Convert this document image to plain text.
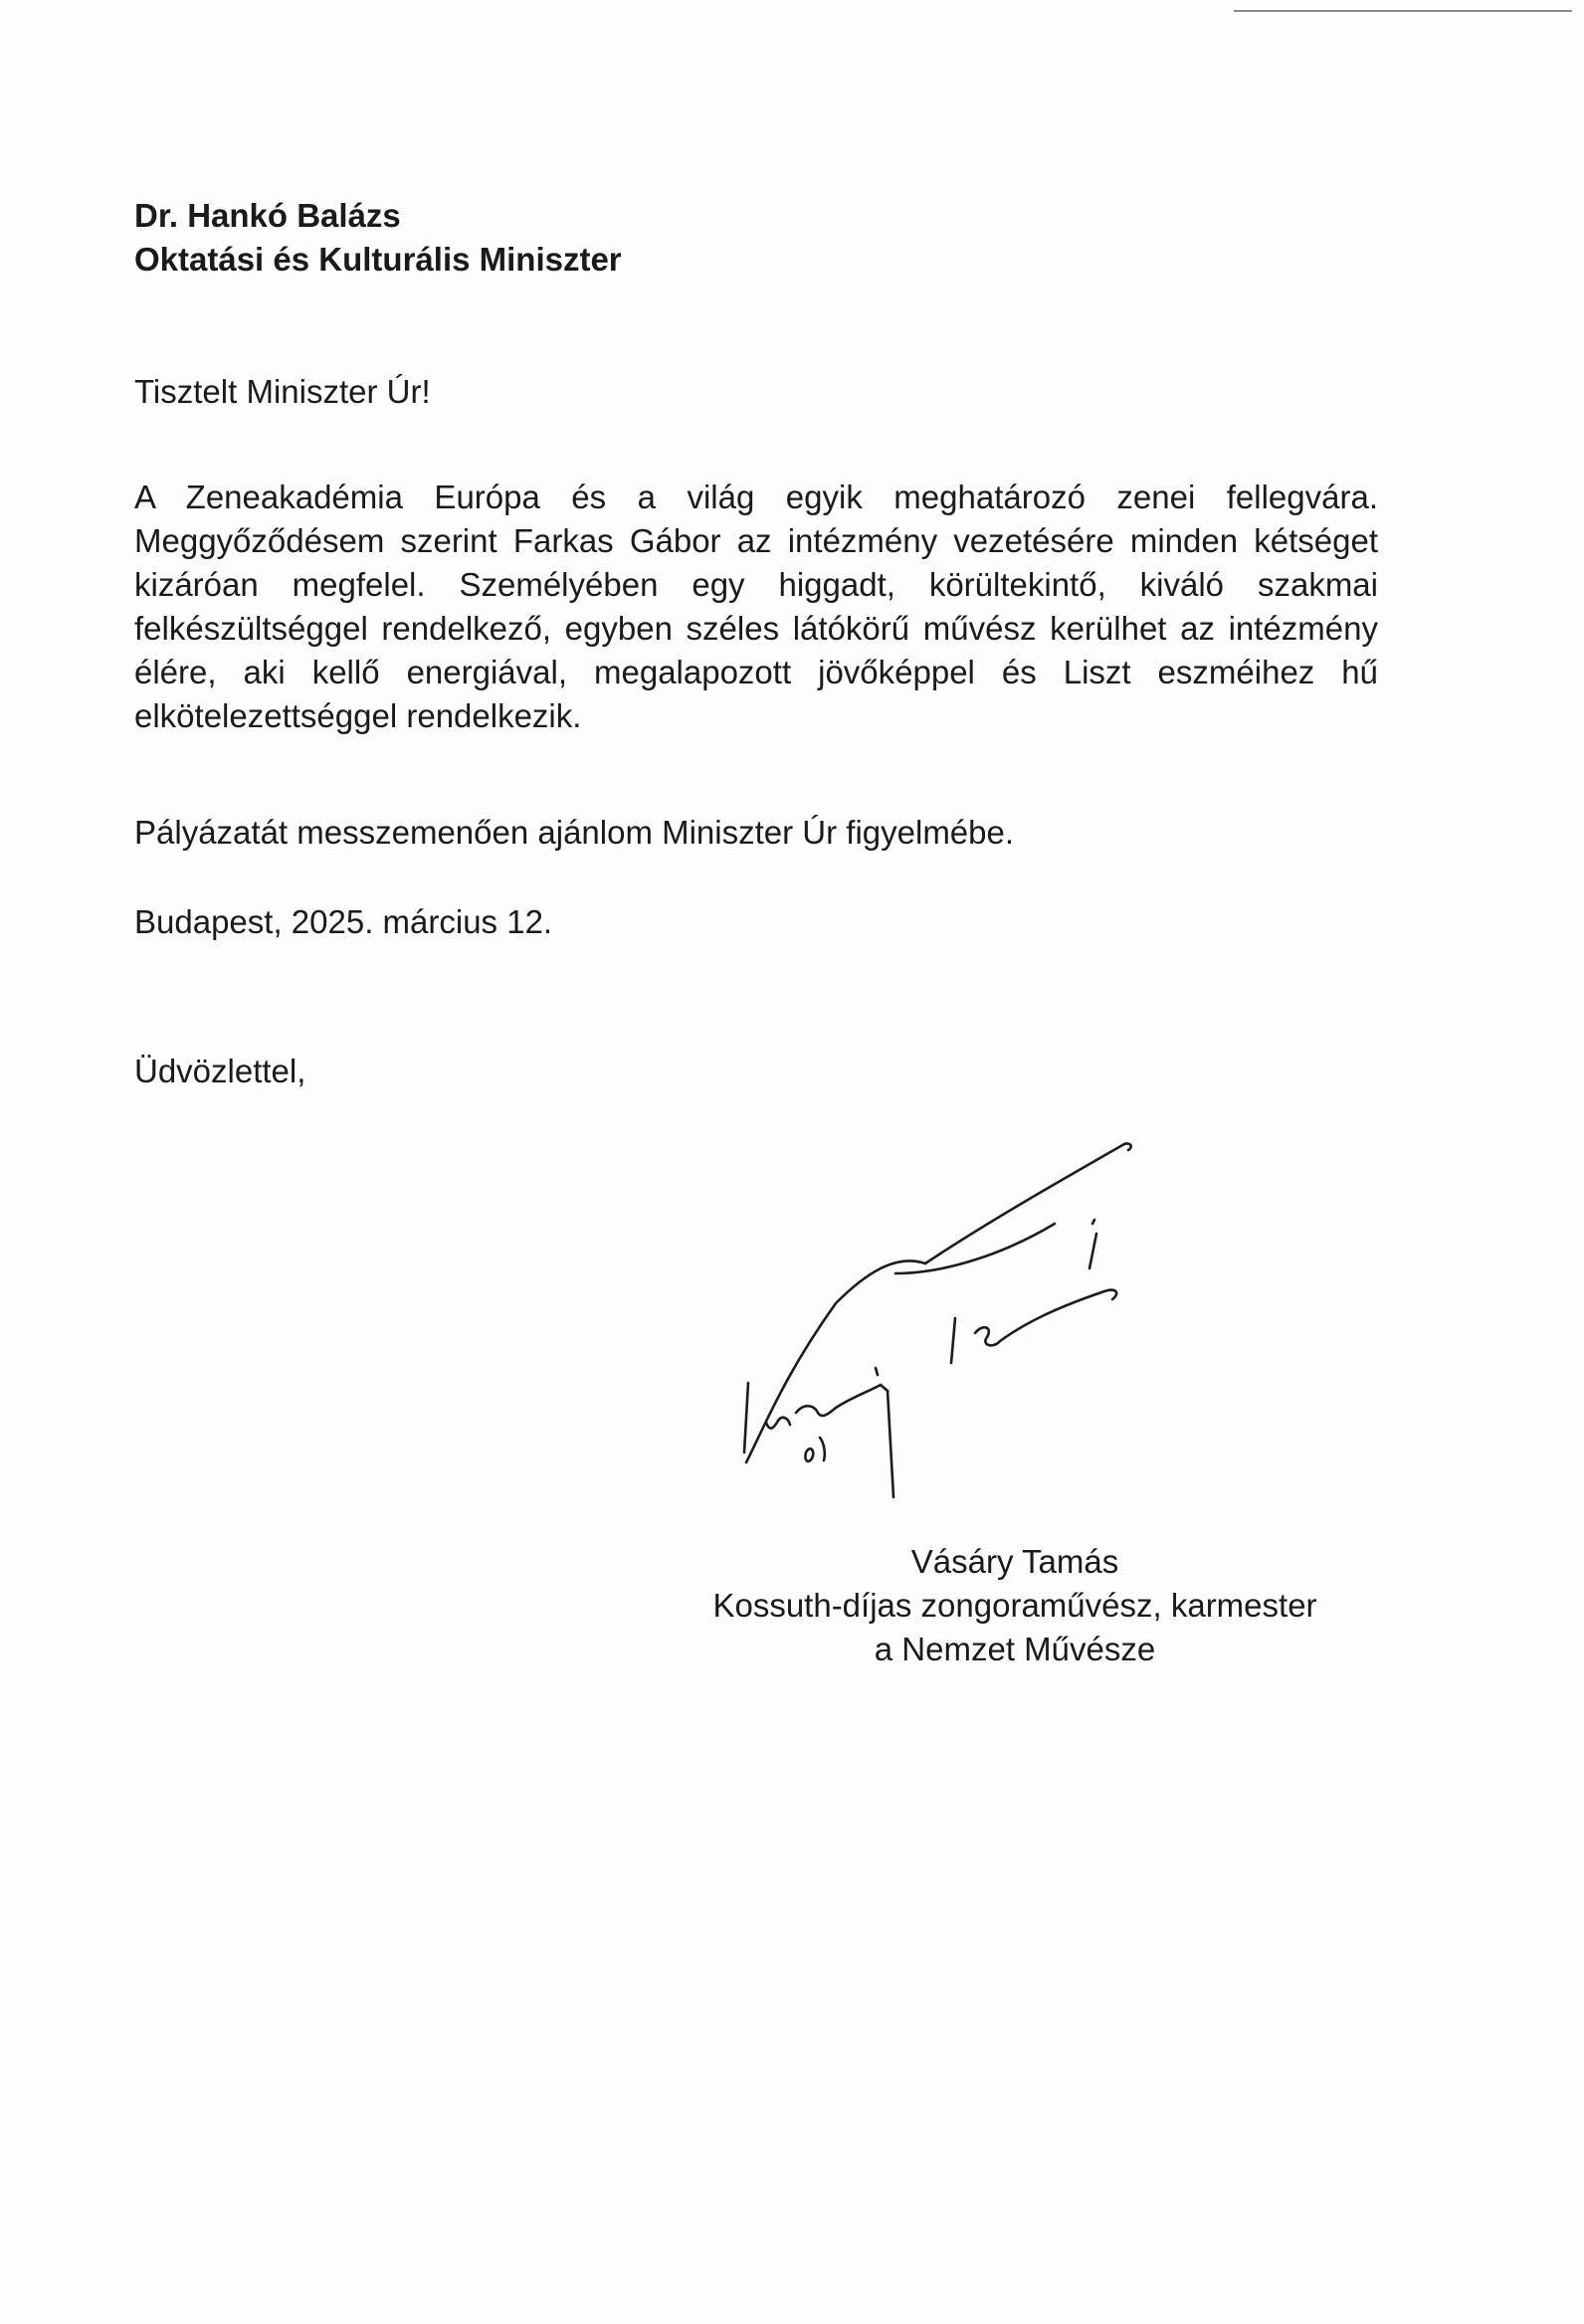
Dr. Hankó Balázs
Oktatási és Kulturális Miniszter
Tisztelt Miniszter Úr!
A Zeneakadémia Európa és a világ egyik meghatározó zenei fellegvára. Meggyőződésem szerint Farkas Gábor az intézmény vezetésére minden kétséget kizáróan megfelel. Személyében egy higgadt, körültekintő, kiváló szakmai felkészültséggel rendelkező, egyben széles látókörű művész kerülhet az intézmény élére, aki kellő energiával, megalapozott jövőképpel és Liszt eszméihez hű elkötelezettséggel rendelkezik.
Pályázatát messzemenően ajánlom Miniszter Úr figyelmébe.
Budapest, 2025. március 12.
Üdvözlettel,
Vásáry Tamás
Kossuth-díjas zongoraművész, karmester
a Nemzet Művésze
